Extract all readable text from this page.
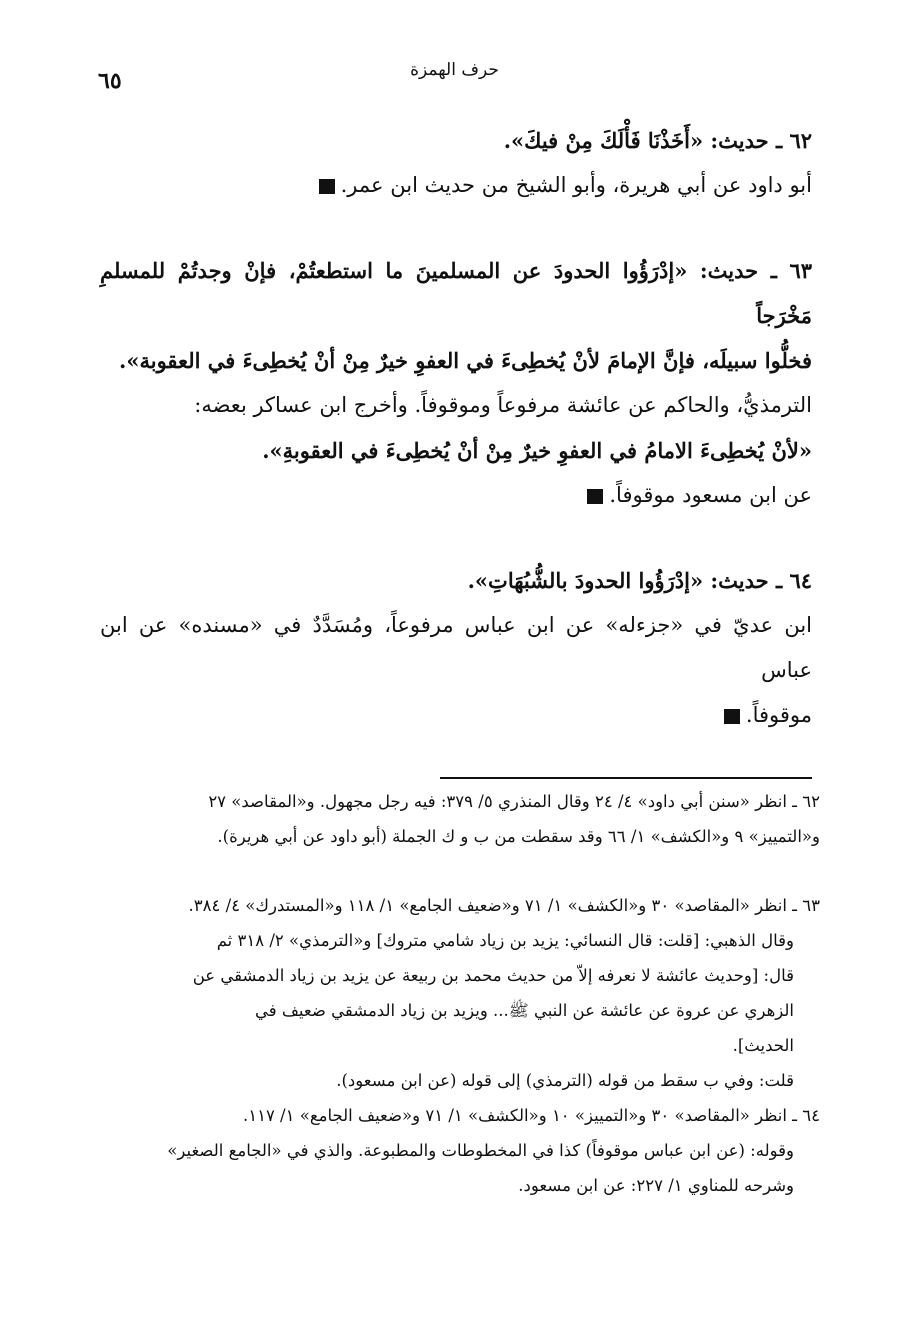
حرف الهمزة
٦٥

٦٢ ـ حديث: «أَخَذْنَا فَأْلَكَ مِنْ فيكَ».

أبو داود عن أبي هريرة، وأبو الشيخ من حديث ابن عمر.

٦٣ ـ حديث: «إدْرَؤُوا الحدودَ عن المسلمينَ ما استطعتُمْ، فإنْ وجدتُمْ للمسلمِ مَخْرَجاً

فخلُّوا سبيلَه، فإنَّ الإمامَ لأنْ يُخطِىءَ في العفوِ خيرٌ مِنْ أنْ يُخطِىءَ في العقوبة».

الترمذيُّ، والحاكم عن عائشة مرفوعاً وموقوفاً. وأخرج ابن عساكر بعضه:

«لأنْ يُخطِىءَ الامامُ في العفوِ خيرٌ مِنْ أنْ يُخطِىءَ في العقوبةِ».

عن ابن مسعود موقوفاً.

٦٤ ـ حديث: «إدْرَؤُوا الحدودَ بالشُّبُهَاتِ».

ابن عديّ في «جزءله» عن ابن عباس مرفوعاً، ومُسَدَّدٌ في «مسنده» عن ابن عباس

موقوفاً.

٦٢ ـ انظر «سنن أبي داود» ٤/ ٢٤ وقال المنذري ٥/ ٣٧٩: فيه رجل مجهول. و«المقاصد» ٢٧

و«التمييز» ٩ و«الكشف» ١/ ٦٦ وقد سقطت من ب و ك الجملة (أبو داود عن أبي هريرة).

٦٣ ـ انظر «المقاصد» ٣٠ و«الكشف» ١/ ٧١ و«ضعيف الجامع» ١/ ١١٨ و«المستدرك» ٤/ ٣٨٤.

وقال الذهبي: [قلت: قال النسائي: يزيد بن زياد شامي متروك] و«الترمذي» ٢/ ٣١٨ ثم

قال: [وحديث عائشة لا نعرفه إلاّ من حديث محمد بن ربيعة عن يزيد بن زياد الدمشقي عن

الزهري عن عروة عن عائشة عن النبي ﷺ... ويزيد بن زياد الدمشقي ضعيف في

الحديث].

قلت: وفي ب سقط من قوله (الترمذي) إلى قوله (عن ابن مسعود).

٦٤ ـ انظر «المقاصد» ٣٠ و«التمييز» ١٠ و«الكشف» ١/ ٧١ و«ضعيف الجامع» ١/ ١١٧.

وقوله: (عن ابن عباس موقوفاً) كذا في المخطوطات والمطبوعة. والذي في «الجامع الصغير»

وشرحه للمناوي ١/ ٢٢٧: عن ابن مسعود.
